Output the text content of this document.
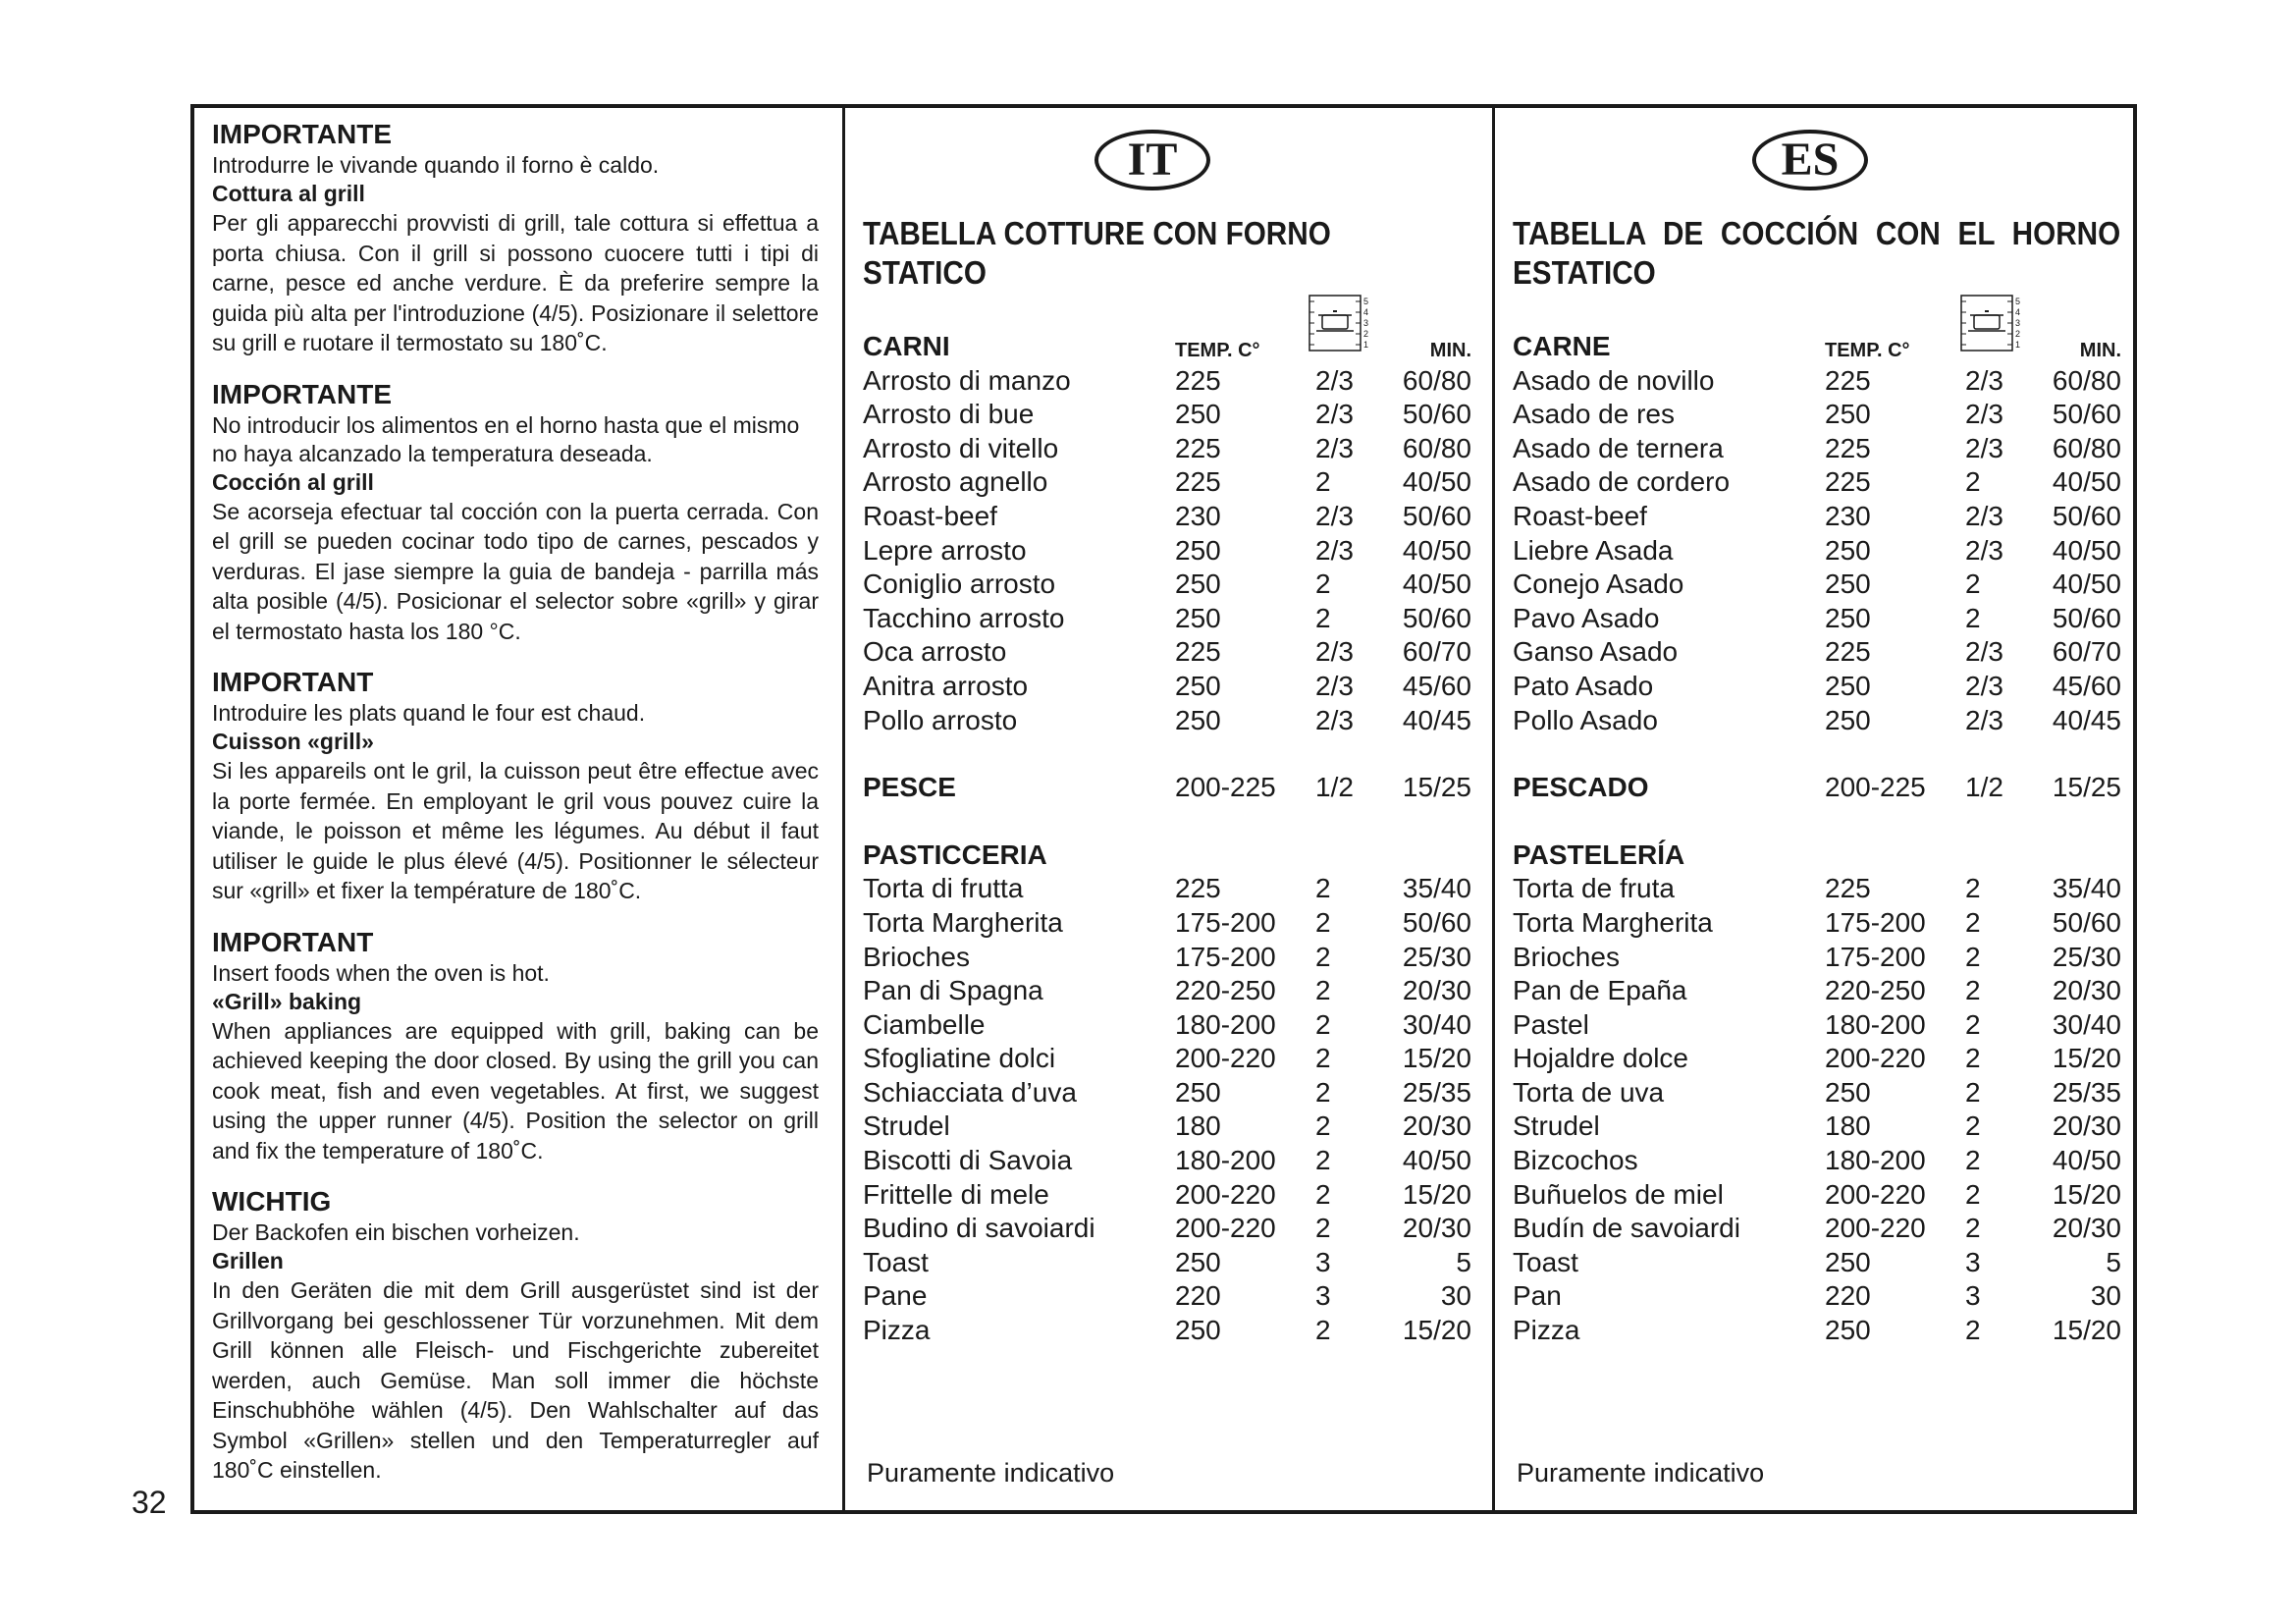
32
IMPORTANTE
Introdurre le vivande quando il forno è caldo.
Cottura al grill
Per gli apparecchi provvisti di grill, tale cottura si effettua a porta chiusa. Con il grill si possono cuocere tutti i tipi di carne, pesce ed anche verdure. È da preferire sempre la guida più alta per l'introduzione (4/5). Posizionare il selettore su grill e ruotare il termostato su 180˚C.
IMPORTANTE
No introducir los alimentos en el horno hasta que el mismo no haya alcanzado la temperatura deseada.
Cocción al grill
Se acorseja efectuar tal cocción con la puerta cerrada. Con el grill se pueden cocinar todo tipo de carnes, pescados y verduras. El jase siempre la guia de bandeja - parrilla más alta posible (4/5). Posicionar el selector sobre «grill» y girar el termostato hasta los 180 °C.
IMPORTANT
Introduire les plats quand le four est chaud.
Cuisson «grill»
Si les appareils ont le gril, la cuisson peut être effectue avec la porte fermée. En employant le gril vous pouvez cuire la viande, le poisson et même les légumes. Au début il faut utiliser le guide le plus élevé (4/5). Positionner le sélecteur sur «grill» et fixer la température de 180˚C.
IMPORTANT
Insert foods when the oven is hot.
«Grill» baking
When appliances are equipped with grill, baking can be achieved keeping the door closed. By using the grill you can cook meat, fish and even vegetables. At first, we suggest using the upper runner (4/5). Position the selector on grill and fix the temperature of 180˚C.
WICHTIG
Der Backofen ein bischen vorheizen.
Grillen
In den Geräten die mit dem Grill ausgerüstet sind ist der Grillvorgang bei geschlossener Tür vorzunehmen. Mit dem Grill können alle Fleisch- und Fischgerichte zubereitet werden, auch Gemüse. Man soll immer die höchste Einschubhöhe wählen (4/5). Den Wahlschalter auf das Symbol «Grillen» stellen und den Temperaturregler auf 180˚C einstellen.
IT
TABELLA COTTURE CON FORNO STATICO
5
4
3
2
1
CARNI	TEMP. C°	MIN.
Arrosto di manzo	225	2/3 60/80
Arrosto di bue	250	2/3 50/60
Arrosto di vitello	225	2/3 60/80
Arrosto agnello	225	2	40/50
Roast-beef	230	2/3 50/60
Lepre arrosto	250	2/3 40/50
Coniglio arrosto	250	2	40/50
Tacchino arrosto	250	2	50/60
Oca arrosto	225	2/3 60/70
Anitra arrosto	250	2/3 45/60
Pollo arrosto	250	2/3 40/45
PESCE	200-225 1/2 15/25
PASTICCERIA
Torta di frutta	225	2	35/40
Torta Margherita	175-200 2	50/60
Brioches	175-200 2	25/30
Pan di Spagna	220-250 2	20/30
Ciambelle	180-200 2	30/40
Sfogliatine dolci	200-220 2	15/20
Schiacciata d’uva	250	2	25/35
Strudel	180	2	20/30
Biscotti di Savoia	180-200 2	40/50
Frittelle di mele	200-220 2	15/20
Budino di savoiardi	200-220 2	20/30
Toast	250	3	5
Pane	220	3	30
Pizza	250	2	15/20
Puramente indicativo
ES
TABELLA DE COCCIÓN CON EL HORNO ESTATICO
5
4
3
2
1
CARNE	TEMP. C°	MIN.
Asado de novillo	225	2/3 60/80
Asado de res	250	2/3 50/60
Asado de ternera	225	2/3 60/80
Asado de cordero	225	2	40/50
Roast-beef	230	2/3 50/60
Liebre Asada	250	2/3 40/50
Conejo Asado	250	2	40/50
Pavo Asado	250	2	50/60
Ganso Asado	225	2/3 60/70
Pato Asado	250	2/3 45/60
Pollo Asado	250	2/3 40/45
PESCADO	200-225 1/2 15/25
PASTELERÍA
Torta de fruta	225	2	35/40
Torta Margherita	175-200 2	50/60
Brioches	175-200 2	25/30
Pan de Epaña	220-250 2	20/30
Pastel	180-200 2	30/40
Hojaldre dolce	200-220 2	15/20
Torta de uva	250	2	25/35
Strudel	180	2	20/30
Bizcochos	180-200 2	40/50
Buñuelos de miel	200-220 2	15/20
Budín de savoiardi	200-220 2	20/30
Toast	250	3	5
Pan	220	3	30
Pizza	250	2	15/20
Puramente indicativo
